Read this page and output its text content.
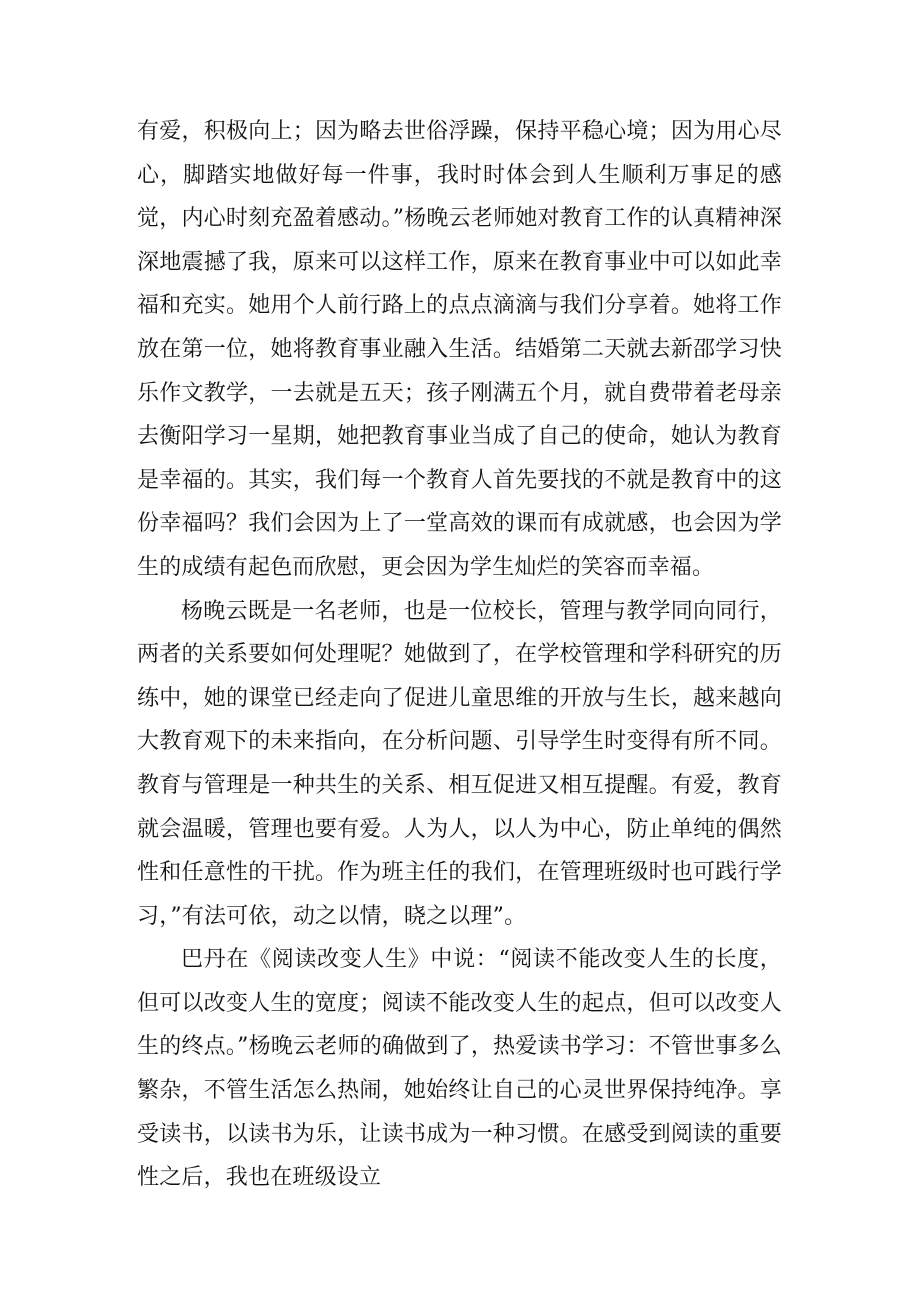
有爱，积极向上；因为略去世俗浮躁，保持平稳心境；因为用心尽心，脚踏实地做好每一件事，我时时体会到人生顺利万事足的感觉，内心时刻充盈着感动。”杨晚云老师她对教育工作的认真精神深深地震撼了我，原来可以这样工作，原来在教育事业中可以如此幸福和充实。她用个人前行路上的点点滴滴与我们分享着。她将工作放在第一位，她将教育事业融入生活。结婚第二天就去新邵学习快乐作文教学，一去就是五天；孩子刚满五个月，就自费带着老母亲去衡阳学习一星期，她把教育事业当成了自己的使命，她认为教育是幸福的。其实，我们每一个教育人首先要找的不就是教育中的这份幸福吗？我们会因为上了一堂高效的课而有成就感，也会因为学生的成绩有起色而欣慰，更会因为学生灿烂的笑容而幸福。

杨晚云既是一名老师，也是一位校长，管理与教学同向同行，两者的关系要如何处理呢？她做到了，在学校管理和学科研究的历练中，她的课堂已经走向了促进儿童思维的开放与生长，越来越向大教育观下的未来指向，在分析问题、引导学生时变得有所不同。教育与管理是一种共生的关系、相互促进又相互提醒。有爱，教育就会温暖，管理也要有爱。人为人，以人为中心，防止单纯的偶然性和任意性的干扰。作为班主任的我们，在管理班级时也可践行学习，”有法可依，动之以情，晓之以理”。

巴丹在《阅读改变人生》中说：“阅读不能改变人生的长度，但可以改变人生的宽度；阅读不能改变人生的起点，但可以改变人生的终点。”杨晚云老师的确做到了，热爱读书学习：不管世事多么繁杂，不管生活怎么热闹，她始终让自己的心灵世界保持纯净。享受读书，以读书为乐，让读书成为一种习惯。在感受到阅读的重要性之后，我也在班级设立
